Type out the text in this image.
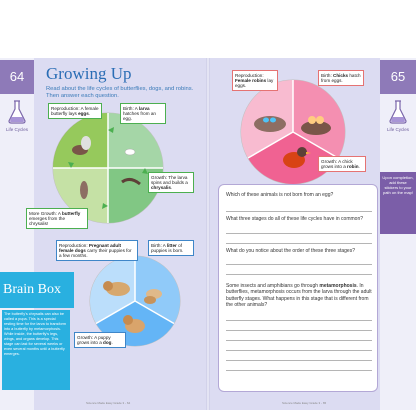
64	65
Life Cycles	Life Cycles
Growing Up
Read about the life cycles of butterflies, dogs, and robins. Then answer each question.
Reproduction: A female butterfly lays eggs.
Birth: A larva hatches from an egg.
Growth: The larva spins and builds a chrysalis.
More Growth: A butterfly emerges from the chrysalis!
Reproduction: Pregnant adult female dogs carry their puppies for a few months.
Birth: A litter of puppies is born.
Growth: A puppy grows into a dog.
Reproduction: Female robins lay eggs.
Birth: Chicks hatch from eggs.
Growth: A chick grows into a robin.
Brain Box
The butterfly's chrysalis can also be called a pupa. This is a special resting time for the larva to transform into a butterfly by metamorphosis. While inside, the butterfly's legs, wings, and organs develop. This stage can last for several weeks or even several months until a butterfly emerges.
Upon completion, add these stickers to your path on the map!
Which of these animals is not born from an egg?
What three stages do all of these life cycles have in common?
What do you notice about the order of these three stages?
Some insects and amphibians go through metamorphosis. In butterflies, metamorphosis occurs from the larva through the adult butterfly stages. What happens in this stage that is different from the other animals?
Science Made Easy Grade 3 - 64	Science Made Easy Grade 3 - 65
